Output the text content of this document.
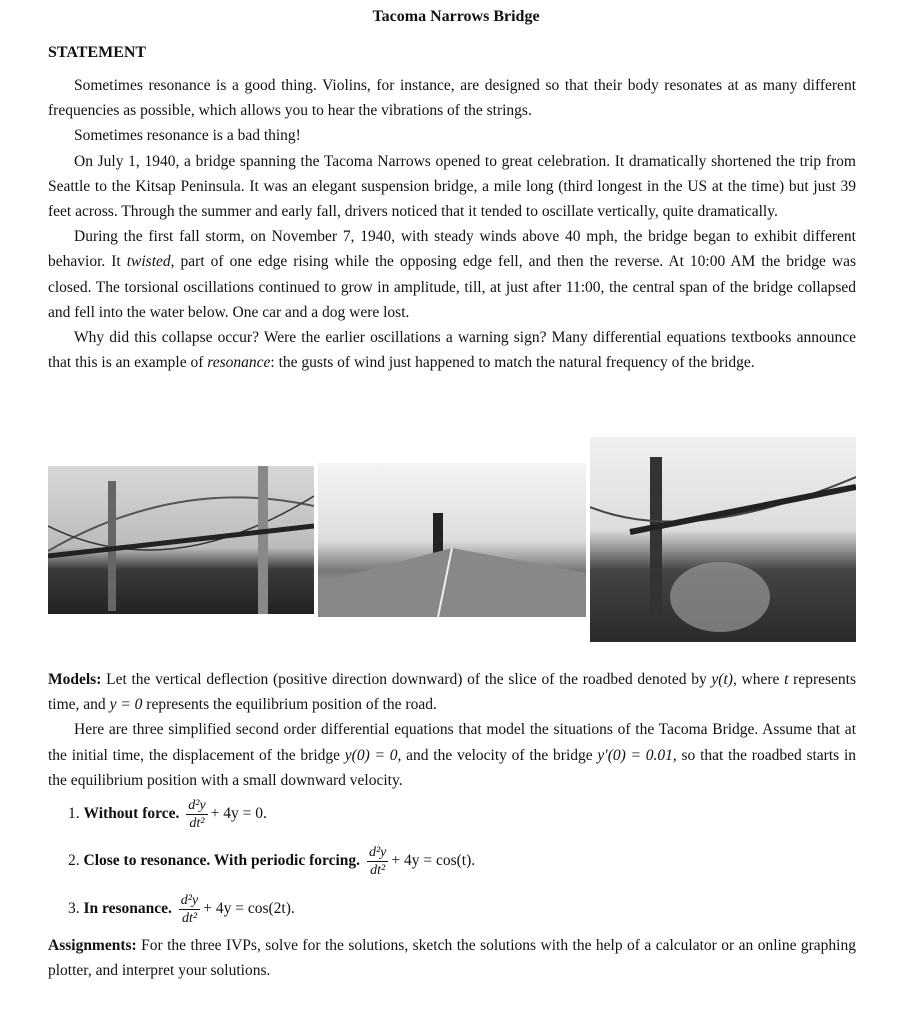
Tacoma Narrows Bridge
STATEMENT

Sometimes resonance is a good thing. Violins, for instance, are designed so that their body resonates at as many different frequencies as possible, which allows you to hear the vibrations of the strings.

Sometimes resonance is a bad thing!

On July 1, 1940, a bridge spanning the Tacoma Narrows opened to great celebration. It dramatically shortened the trip from Seattle to the Kitsap Peninsula. It was an elegant suspension bridge, a mile long (third longest in the US at the time) but just 39 feet across. Through the summer and early fall, drivers noticed that it tended to oscillate vertically, quite dramatically.

During the first fall storm, on November 7, 1940, with steady winds above 40 mph, the bridge began to exhibit different behavior. It twisted, part of one edge rising while the opposing edge fell, and then the reverse. At 10:00 AM the bridge was closed. The torsional oscillations continued to grow in amplitude, till, at just after 11:00, the central span of the bridge collapsed and fell into the water below. One car and a dog were lost.

Why did this collapse occur? Were the earlier oscillations a warning sign? Many differential equations textbooks announce that this is an example of resonance: the gusts of wind just happened to match the natural frequency of the bridge.

Models: Let the vertical deflection (positive direction downward) of the slice of the roadbed denoted by y(t), where t represents time, and y = 0 represents the equilibrium position of the road.

Here are three simplified second order differential equations that model the situations of the Tacoma Bridge. Assume that at the initial time, the displacement of the bridge y(0) = 0, and the velocity of the bridge y′(0) = 0.01, so that the roadbed starts in the equilibrium position with a small downward velocity.

1. Without force. $\frac{\text{d²y}}{\text{dt²}} + 4y = 0$.
2. Close to resonance. With periodic forcing. $\frac{\text{d²y}}{\text{dt²}} + 4y = \cos(t)$.
3. In resonance. $\frac{\text{d²y}}{\text{dt²}} + 4y = \cos(2t)$.

Assignments: For the three IVPs, solve for the solutions, sketch the solutions with the help of a calculator or an online graphing plotter, and interpret your solutions.
